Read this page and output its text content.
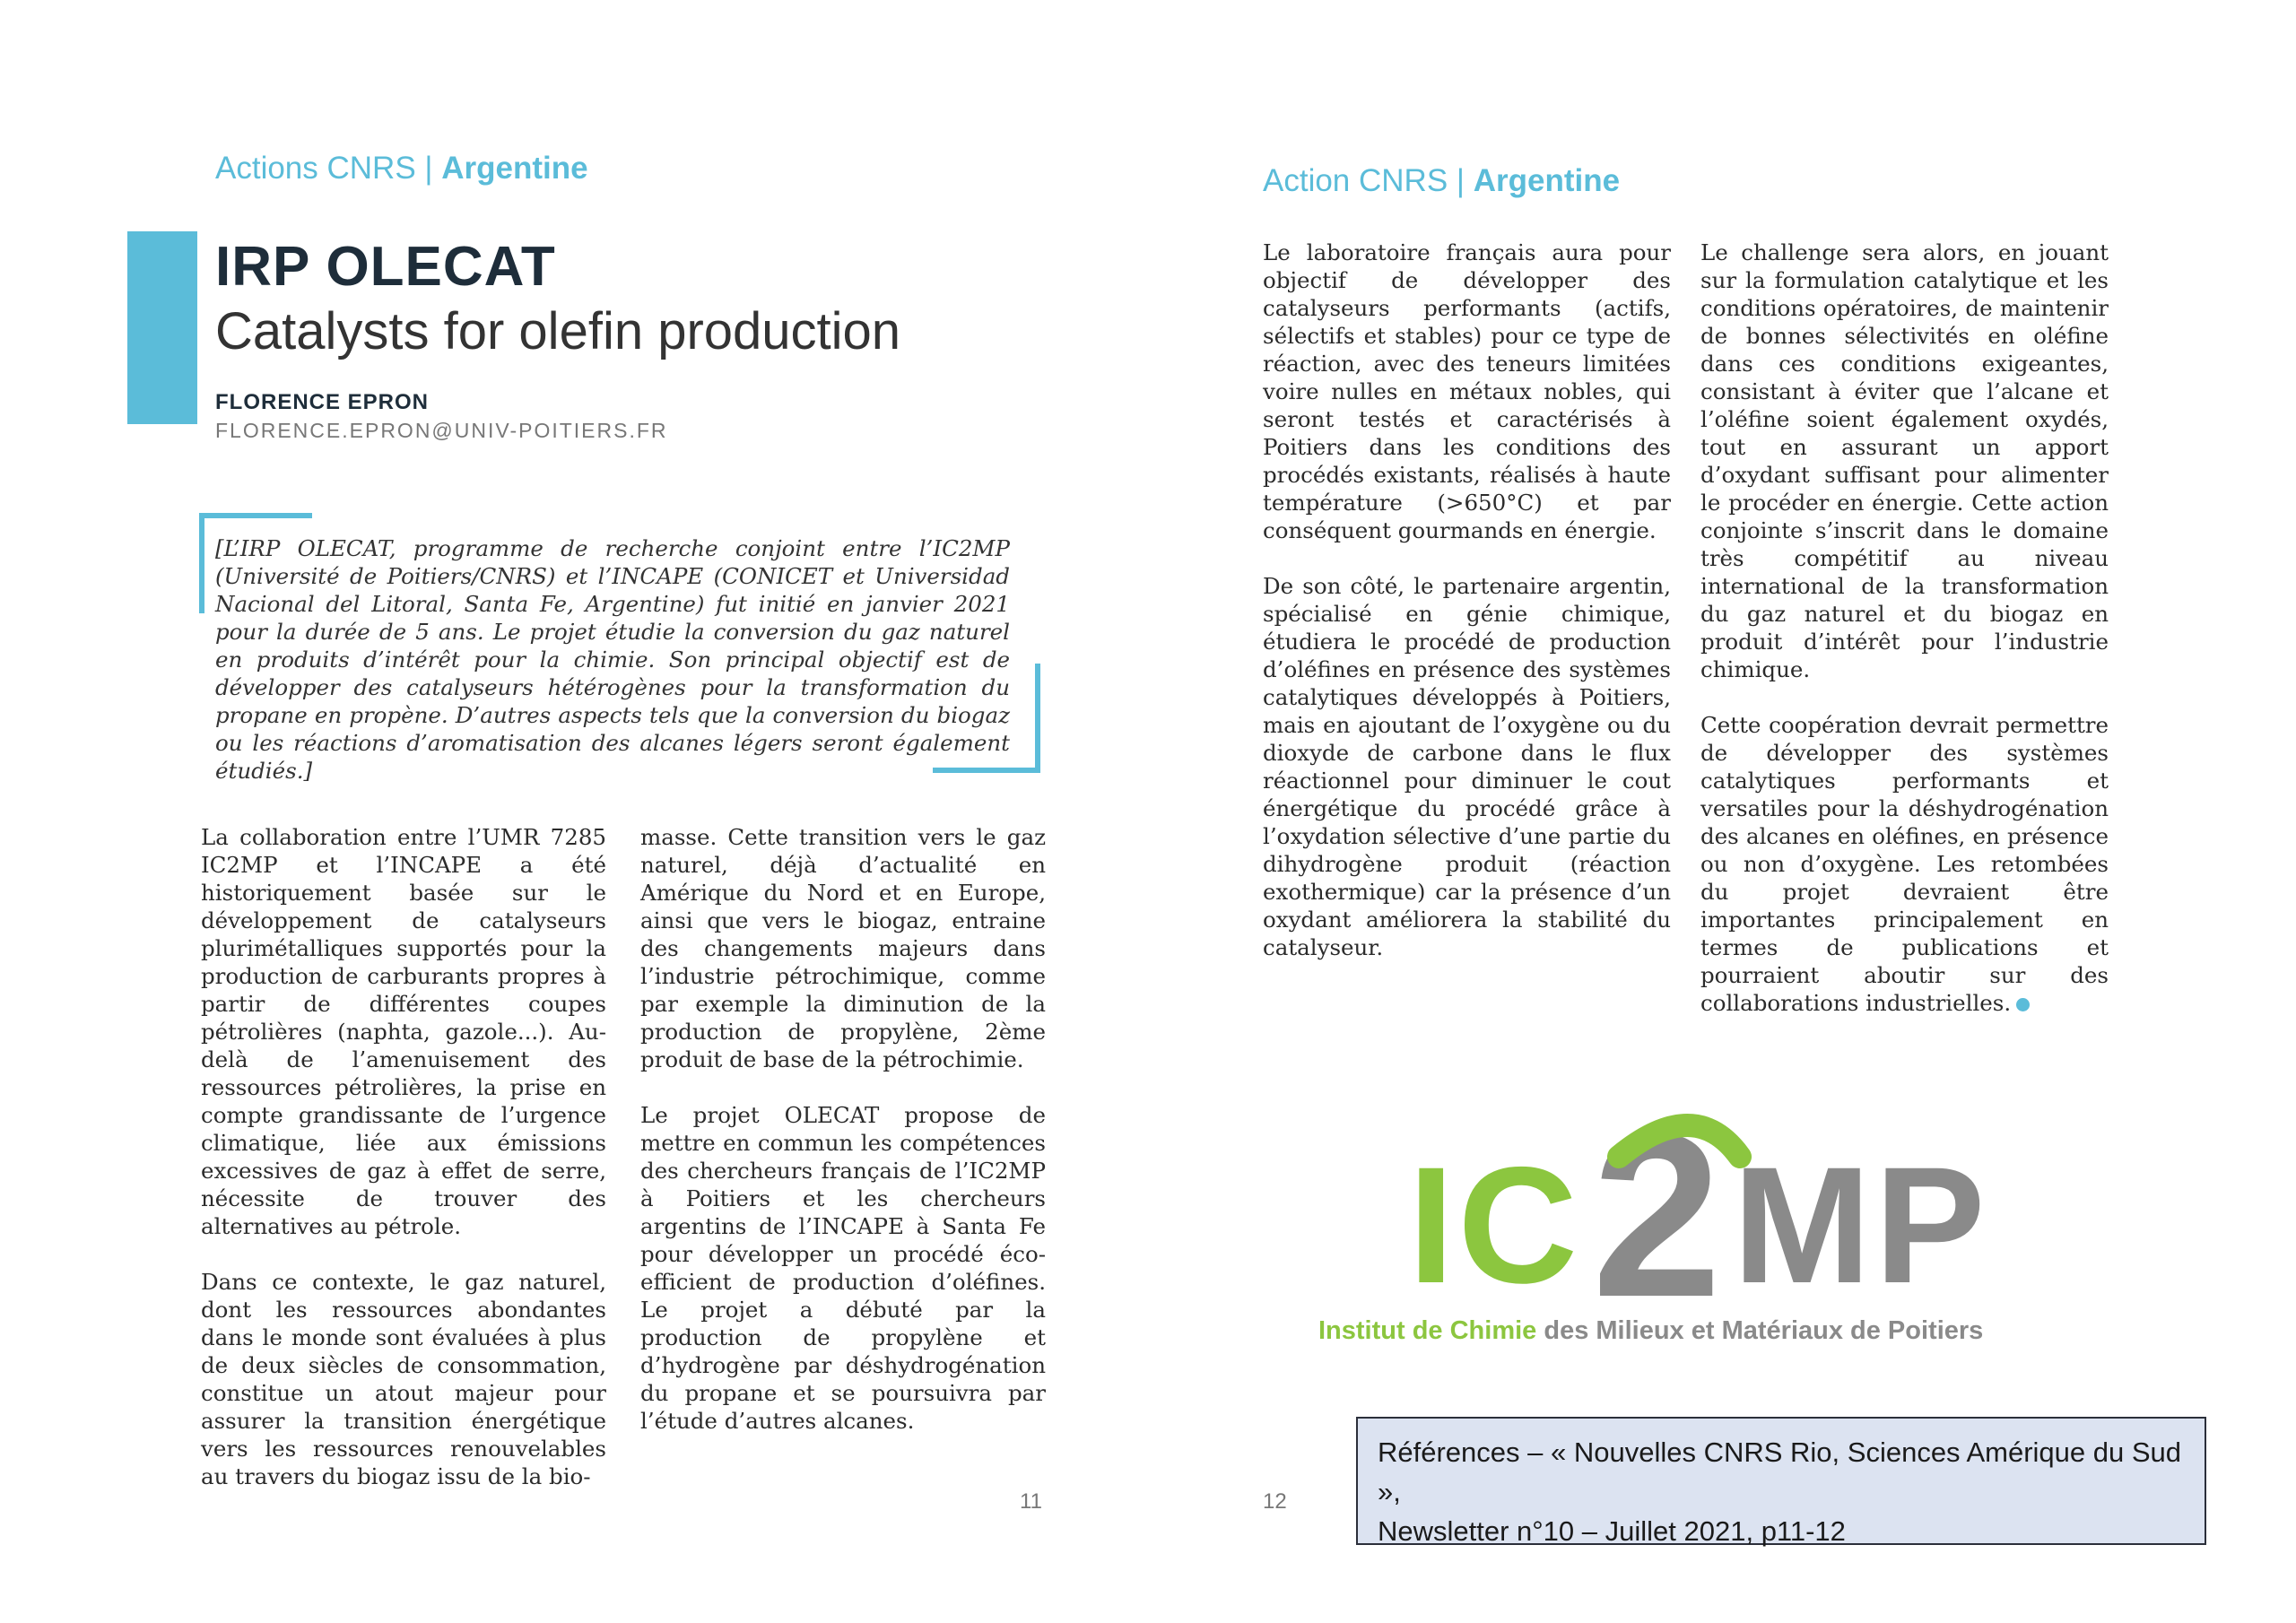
Actions CNRS | Argentine
IRP OLECAT
Catalysts for olefin production
FLORENCE EPRON
FLORENCE.EPRON@UNIV-POITIERS.FR
[L’IRP OLECAT, programme de recherche conjoint entre l’IC2MP (Université de Poitiers/CNRS) et l’INCAPE (CONICET et Universidad Nacional del Litoral, Santa Fe, Argentine) fut initié en janvier 2021 pour la durée de 5 ans. Le projet étudie la conversion du gaz naturel en produits d’intérêt pour la chimie. Son principal objectif est de développer des catalyseurs hétérogènes pour la transformation du propane en propène. D’autres aspects tels que la conversion du biogaz ou les réactions d’aromatisation des alcanes légers seront également étudiés.]

La collaboration entre l’UMR 7285 IC2MP et l’INCAPE a été historiquement basée sur le développement de catalyseurs plurimétalliques supportés pour la production de carburants propres à partir de différentes coupes pétrolières (naphta, gazole...). Au-delà de l’amenuisement des ressources pétrolières, la prise en compte grandissante de l’urgence climatique, liée aux émissions excessives de gaz à effet de serre, nécessite de trouver des alternatives au pétrole.

Dans ce contexte, le gaz naturel, dont les ressources abondantes dans le monde sont évaluées à plus de deux siècles de consommation, constitue un atout majeur pour assurer la transition énergétique vers les ressources renouvelables au travers du biogaz issu de la bio-

masse. Cette transition vers le gaz naturel, déjà d’actualité en Amérique du Nord et en Europe, ainsi que vers le biogaz, entraine des changements majeurs dans l’industrie pétrochimique, comme par exemple la diminution de la production de propylène, 2ème produit de base de la pétrochimie.

Le projet OLECAT propose de mettre en commun les compétences des chercheurs français de l’IC2MP à Poitiers et les chercheurs argentins de l’INCAPE à Santa Fe pour développer un procédé éco-efficient de production d’oléfines. Le projet a débuté par la production de propylène et d’hydrogène par déshydrogénation du propane et se poursuivra par l’étude d’autres alcanes.

11
Action CNRS | Argentine

Le laboratoire français aura pour objectif de développer des catalyseurs performants (actifs, sélectifs et stables) pour ce type de réaction, avec des teneurs limitées voire nulles en métaux nobles, qui seront testés et caractérisés à Poitiers dans les conditions des procédés existants, réalisés à haute température (>650°C) et par conséquent gourmands en énergie.

De son côté, le partenaire argentin, spécialisé en génie chimique, étudiera le procédé de production d’oléfines en présence des systèmes catalytiques développés à Poitiers, mais en ajoutant de l’oxygène ou du dioxyde de carbone dans le flux réactionnel pour diminuer le cout énergétique du procédé grâce à l’oxydation sélective d’une partie du dihydrogène produit (réaction exothermique) car la présence d’un oxydant améliorera la stabilité du catalyseur.

Le challenge sera alors, en jouant sur la formulation catalytique et les conditions opératoires, de maintenir de bonnes sélectivités en oléfine dans ces conditions exigeantes, consistant à éviter que l’alcane et l’oléfine soient également oxydés, tout en assurant un apport d’oxydant suffisant pour alimenter le procéder en énergie. Cette action conjointe s’inscrit dans le domaine très compétitif au niveau international de la transformation du gaz naturel et du biogaz en produit d’intérêt pour l’industrie chimique.

Cette coopération devrait permettre de développer des systèmes catalytiques performants et versatiles pour la déshydrogénation des alcanes en oléfines, en présence ou non d’oxygène. Les retombées du projet devraient être importantes principalement en termes de publications et pourraient aboutir sur des collaborations industrielles.

IC 2 MP
Institut de Chimie des Milieux et Matériaux de Poitiers
12
Références – « Nouvelles CNRS Rio, Sciences Amérique du Sud »,
Newsletter n°10 – Juillet 2021, p11-12
